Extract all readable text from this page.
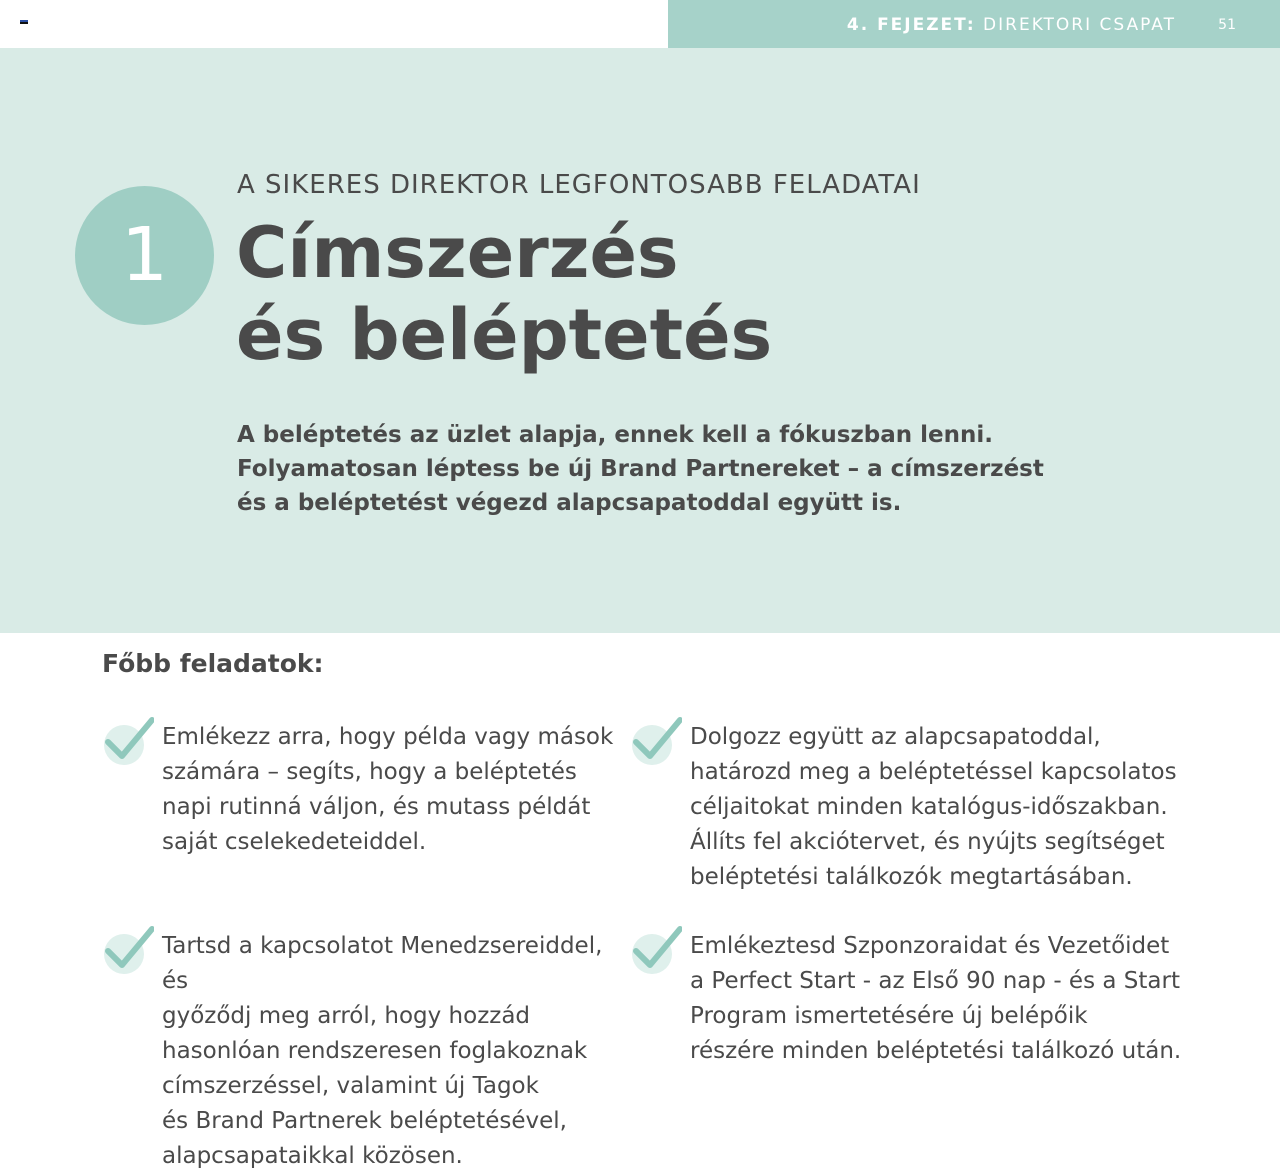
4. FEJEZET: DIREKTORI CSAPAT	51
1
A SIKERES DIREKTOR LEGFONTOSABB FELADATAI
Címszerzés
és beléptetés
A beléptetés az üzlet alapja, ennek kell a fókuszban lenni.
Folyamatosan léptess be új Brand Partnereket – a címszerzést
és a beléptetést végezd alapcsapatoddal együtt is.
Főbb feladatok:
Emlékezz arra, hogy példa vagy mások
számára – segíts, hogy a beléptetés
napi rutinná váljon, és mutass példát
saját cselekedeteiddel.
Dolgozz együtt az alapcsapatoddal,
határozd meg a beléptetéssel kapcsolatos
céljaitokat minden katalógus-időszakban.
Állíts fel akciótervet, és nyújts segítséget
beléptetési találkozók megtartásában.
Tartsd a kapcsolatot Menedzsereiddel, és
győződj meg arról, hogy hozzád
hasonlóan rendszeresen foglakoznak
címszerzéssel, valamint új Tagok
és Brand Partnerek beléptetésével,
alapcsapataikkal közösen.
Emlékeztesd Szponzoraidat és Vezetőidet
a Perfect Start - az Első 90 nap - és a Start
Program ismertetésére új belépőik
részére minden beléptetési találkozó után.
